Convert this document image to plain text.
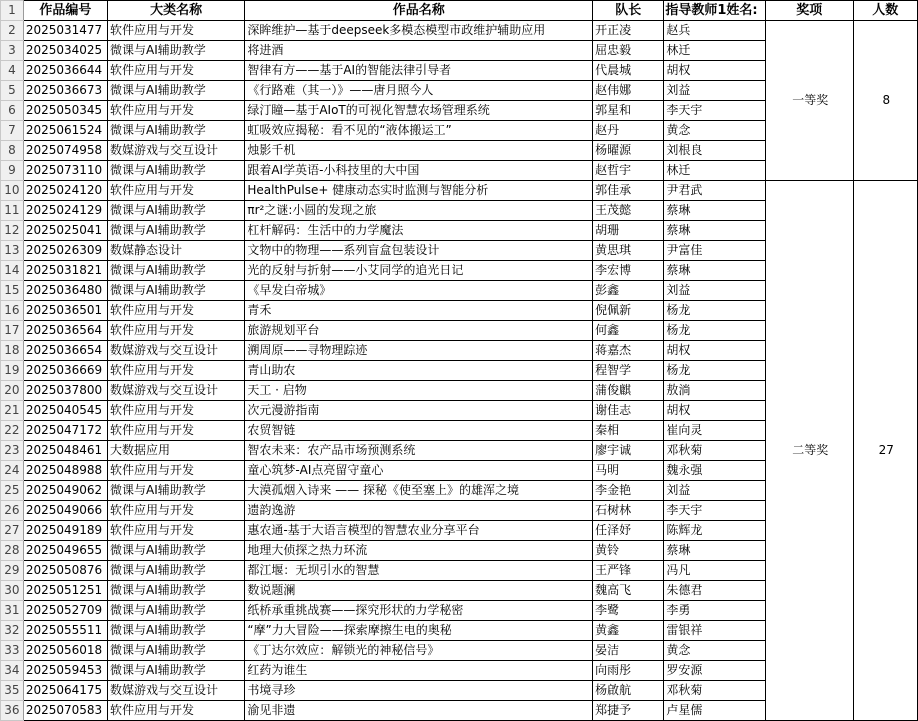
1	作品编号	大类名称	作品名称	队长	指导教师1姓名:	奖项	人数
2	2025031477	软件应用与开发	深眸维护—基于deepseek多模态模型市政维护辅助应用	开正凌	赵兵	一等奖	8
3	2025034025	微课与AI辅助教学	将进酒	屈忠毅	林迁		
4	2025036644	软件应用与开发	智律有方——基于AI的智能法律引导者	代晨城	胡权		
5	2025036673	微课与AI辅助教学	《行路难（其一）》——唐月照今人	赵伟娜	刘益		
6	2025050345	软件应用与开发	绿汀瞳—基于AIoT的可视化智慧农场管理系统	郭星和	李天宇		
7	2025061524	微课与AI辅助教学	虹吸效应揭秘：看不见的“液体搬运工”	赵丹	黄念		
8	2025074958	数媒游戏与交互设计	烛影千机	杨曜源	刘根良		
9	2025073110	微课与AI辅助教学	跟着AI学英语-小科技里的大中国	赵哲宇	林迁		
10	2025024120	软件应用与开发	HealthPulse+ 健康动态实时监测与智能分析	郭佳承	尹君武	二等奖	27
11	2025024129	微课与AI辅助教学	πr²之谜:小圆的发现之旅	王茂懿	蔡琳		
12	2025025041	微课与AI辅助教学	杠杆解码：生活中的力学魔法	胡珊	蔡琳		
13	2025026309	数媒静态设计	文物中的物理——系列盲盒包装设计	黄思琪	尹富佳		
14	2025031821	微课与AI辅助教学	光的反射与折射——小艾同学的追光日记	李宏博	蔡琳		
15	2025036480	微课与AI辅助教学	《早发白帝城》	彭鑫	刘益		
16	2025036501	软件应用与开发	青禾	倪佩新	杨龙		
17	2025036564	软件应用与开发	旅游规划平台	何鑫	杨龙		
18	2025036654	数媒游戏与交互设计	溯周原——寻物理踪迹	蒋嘉杰	胡权		
19	2025036669	软件应用与开发	青山助农	程智学	杨龙		
20	2025037800	数媒游戏与交互设计	天工 · 启物	蒲俊麒	敖淌		
21	2025040545	软件应用与开发	次元漫游指南	谢佳志	胡权		
22	2025047172	软件应用与开发	农贸智链	秦相	崔向灵		
23	2025048461	大数据应用	智农未来：农产品市场预测系统	廖宇诚	邓秋菊		
24	2025048988	软件应用与开发	童心筑梦-AI点亮留守童心	马明	魏永强		
25	2025049062	微课与AI辅助教学	大漠孤烟入诗来 —— 探秘《使至塞上》的雄浑之境	李金艳	刘益		
26	2025049066	软件应用与开发	遗韵逸游	石树林	李天宇		
27	2025049189	软件应用与开发	惠农通-基于大语言模型的智慧农业分享平台	任泽妤	陈辉龙		
28	2025049655	微课与AI辅助教学	地理大侦探之热力环流	黄铃	蔡琳		
29	2025050876	微课与AI辅助教学	都江堰：无坝引水的智慧	王严锋	冯凡		
30	2025051251	微课与AI辅助教学	数说题澜	魏高飞	朱德君		
31	2025052709	微课与AI辅助教学	纸桥承重挑战赛——探究形状的力学秘密	李鹭	李勇		
32	2025055511	微课与AI辅助教学	“摩”力大冒险——探索摩擦生电的奥秘	黄鑫	雷银祥		
33	2025056018	微课与AI辅助教学	《丁达尔效应：解锁光的神秘信号》	晏洁	黄念		
34	2025059453	微课与AI辅助教学	红药为谁生	向雨彤	罗安源		
35	2025064175	数媒游戏与交互设计	书境寻珍	杨啟航	邓秋菊		
36	2025070583	软件应用与开发	渝见非遗	郑捷予	卢星儒		
